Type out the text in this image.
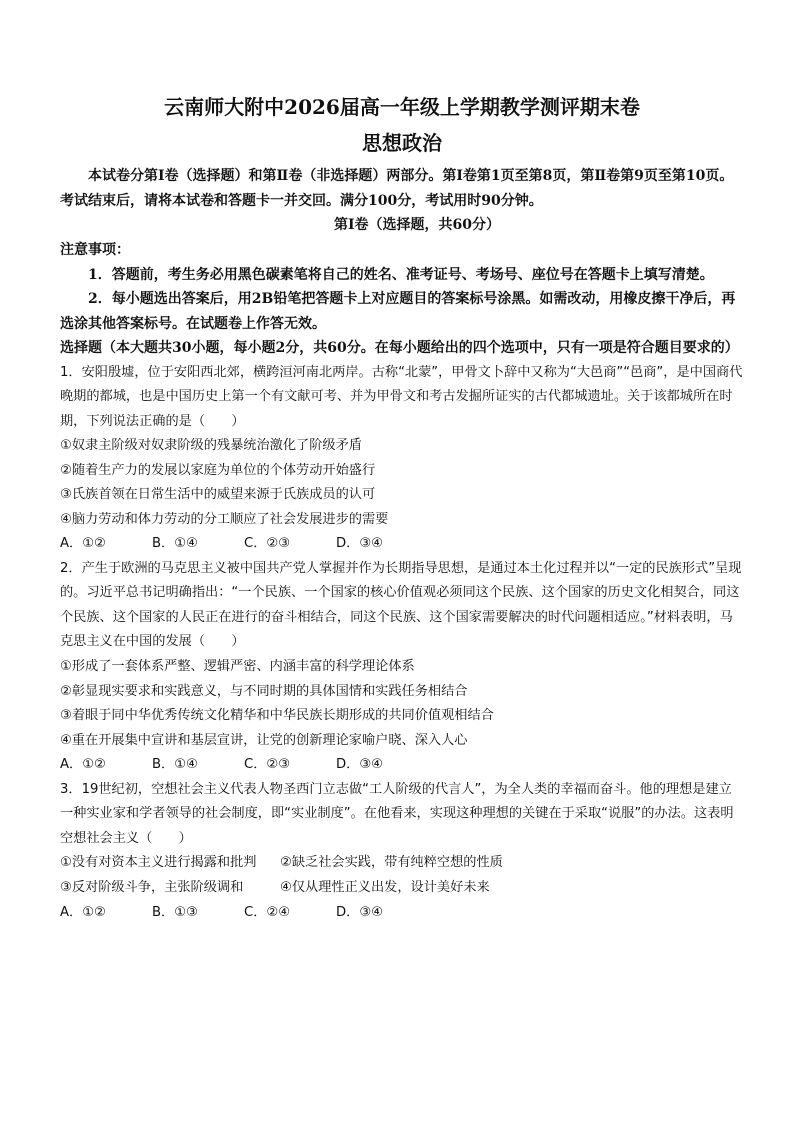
云南师大附中2026届高一年级上学期教学测评期末卷

思想政治

本试卷分第Ⅰ卷（选择题）和第Ⅱ卷（非选择题）两部分。第Ⅰ卷第1页至第8页，第Ⅱ卷第9页至第10页。考试结束后，请将本试卷和答题卡一并交回。满分100分，考试用时90分钟。

第Ⅰ卷（选择题，共60分）

注意事项：

1．答题前，考生务必用黑色碳素笔将自己的姓名、准考证号、考场号、座位号在答题卡上填写清楚。

2．每小题选出答案后，用2B铅笔把答题卡上对应题目的答案标号涂黑。如需改动，用橡皮擦干净后，再选涂其他答案标号。在试题卷上作答无效。

选择题（本大题共30小题，每小题2分，共60分。在每小题给出的四个选项中，只有一项是符合题目要求的）

1．安阳殷墟，位于安阳西北郊，横跨洹河南北两岸。古称“北蒙”，甲骨文卜辞中又称为“大邑商”“邑商”，是中国商代晚期的都城，也是中国历史上第一个有文献可考、并为甲骨文和考古发掘所证实的古代都城遗址。关于该都城所在时期，下列说法正确的是（　　）

①奴隶主阶级对奴隶阶级的残暴统治激化了阶级矛盾

②随着生产力的发展以家庭为单位的个体劳动开始盛行

③氏族首领在日常生活中的威望来源于氏族成员的认可

④脑力劳动和体力劳动的分工顺应了社会发展进步的需要

A．①②	B．①④	C．②③	D．③④

2．产生于欧洲的马克思主义被中国共产党人掌握并作为长期指导思想，是通过本土化过程并以“一定的民族形式”呈现的。习近平总书记明确指出：“一个民族、一个国家的核心价值观必须同这个民族、这个国家的历史文化相契合，同这个民族、这个国家的人民正在进行的奋斗相结合，同这个民族、这个国家需要解决的时代问题相适应。”材料表明，马克思主义在中国的发展（　　）

①形成了一套体系严整、逻辑严密、内涵丰富的科学理论体系

②彰显现实要求和实践意义，与不同时期的具体国情和实践任务相结合

③着眼于同中华优秀传统文化精华和中华民族长期形成的共同价值观相结合

④重在开展集中宣讲和基层宣讲，让党的创新理论家喻户晓、深入人心

A．①②	B．①④	C．②③	D．③④

3．19世纪初，空想社会主义代表人物圣西门立志做“工人阶级的代言人”，为全人类的幸福而奋斗。他的理想是建立一种实业家和学者领导的社会制度，即“实业制度”。在他看来，实现这种理想的关键在于采取“说服”的办法。这表明空想社会主义（　　）

①没有对资本主义进行揭露和批判	②缺乏社会实践，带有纯粹空想的性质
③反对阶级斗争，主张阶级调和	④仅从理性正义出发，设计美好未来
A．①②	B．①③	C．②④	D．③④
